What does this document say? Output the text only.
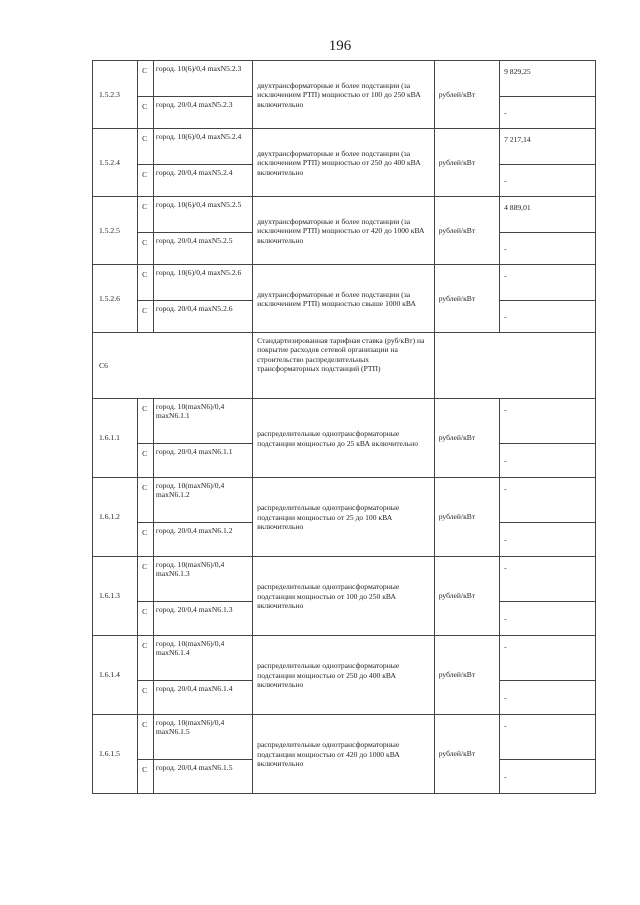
196
1.5.2.3	С	город. 10(6)/0,4 maxN5.2.3	двухтрансформаторные и более подстанции (за исключением РТП) мощностью от 100 до 250 кВА включительно	рублей/кВт	9 829,25
	С	город. 20/0,4 maxN5.2.3			-
1.5.2.4	С	город. 10(6)/0,4 maxN5.2.4	двухтрансформаторные и более подстанции (за исключением РТП) мощностью от 250 до 400 кВА включительно	рублей/кВт	7 217,14
	С	город. 20/0,4 maxN5.2.4			-
1.5.2.5	С	город. 10(6)/0,4 maxN5.2.5	двухтрансформаторные и более подстанции (за исключением РТП) мощностью от 420 до 1000 кВА включительно	рублей/кВт	4 889,01
	С	город. 20/0,4 maxN5.2.5			-
1.5.2.6	С	город. 10(6)/0,4 maxN5.2.6	двухтрансформаторные и более подстанции (за исключением РТП) мощностью свыше 1000 кВА	рублей/кВт	-
	С	город. 20/0,4 maxN5.2.6			-
С6			Стандартизированная тарифная ставка (руб/кВт) на покрытие расходов сетевой организации на строительство распределительных трансформаторных подстанций (РТП)		
1.6.1.1	С	город. 10(maxN6)/0,4 maxN6.1.1	распределительные однотрансформаторные подстанции мощностью до 25 кВА включительно	рублей/кВт	-
	С	город. 20/0,4 maxN6.1.1			-
1.6.1.2	С	город. 10(maxN6)/0,4 maxN6.1.2	распределительные однотрансформаторные подстанции мощностью от 25 до 100 кВА включительно	рублей/кВт	-
	С	город. 20/0,4 maxN6.1.2			-
1.6.1.3	С	город. 10(maxN6)/0,4 maxN6.1.3	распределительные однотрансформаторные подстанции мощностью от 100 до 250 кВА включительно	рублей/кВт	-
	С	город. 20/0,4 maxN6.1.3			-
1.6.1.4	С	город. 10(maxN6)/0,4 maxN6.1.4	распределительные однотрансформаторные подстанции мощностью от 250 до 400 кВА включительно	рублей/кВт	-
	С	город. 20/0,4 maxN6.1.4			-
1.6.1.5	С	город. 10(maxN6)/0,4 maxN6.1.5	распределительные однотрансформаторные подстанции мощностью от 420 до 1000 кВА включительно	рублей/кВт	-
	С	город. 20/0,4 maxN6.1.5			-
